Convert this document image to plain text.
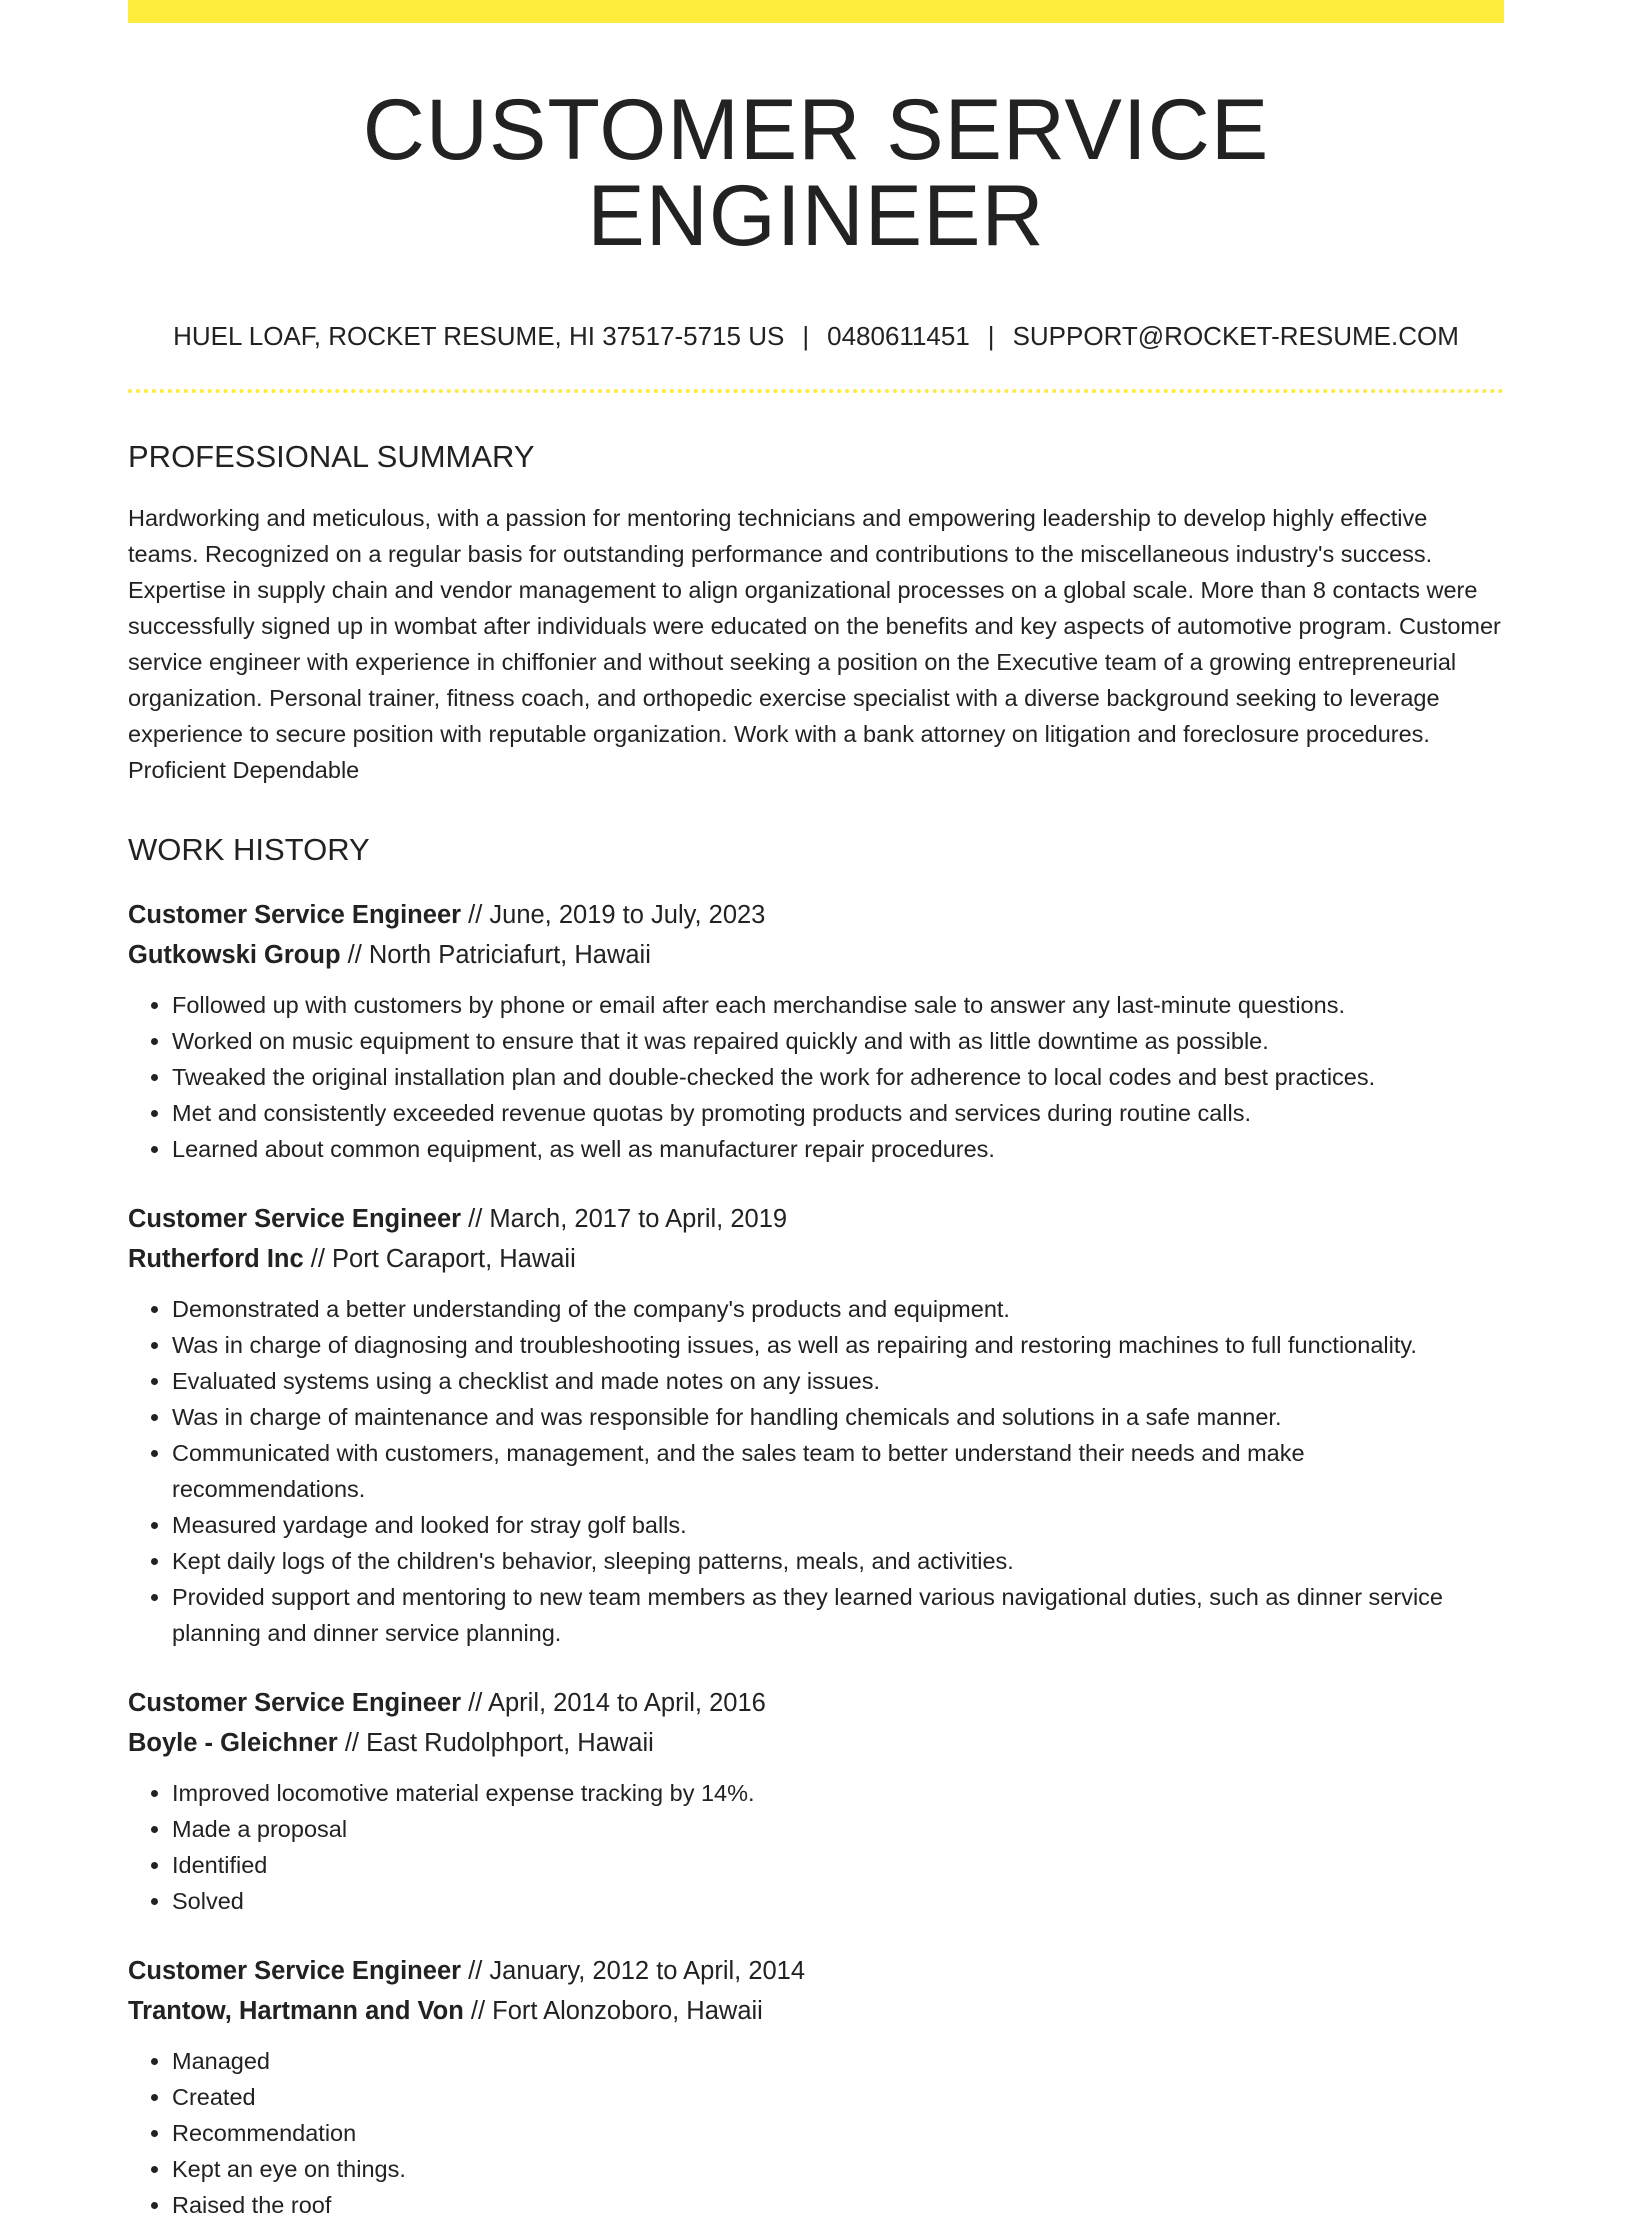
CUSTOMER SERVICE ENGINEER
HUEL LOAF, ROCKET RESUME, HI 37517-5715 US | 0480611451 | SUPPORT@ROCKET-RESUME.COM
PROFESSIONAL SUMMARY

Hardworking and meticulous, with a passion for mentoring technicians and empowering leadership to develop highly effective teams. Recognized on a regular basis for outstanding performance and contributions to the miscellaneous industry's success. Expertise in supply chain and vendor management to align organizational processes on a global scale. More than 8 contacts were successfully signed up in wombat after individuals were educated on the benefits and key aspects of automotive program. Customer service engineer with experience in chiffonier and without seeking a position on the Executive team of a growing entrepreneurial organization. Personal trainer, fitness coach, and orthopedic exercise specialist with a diverse background seeking to leverage experience to secure position with reputable organization. Work with a bank attorney on litigation and foreclosure procedures. Proficient Dependable

WORK HISTORY
Customer Service Engineer // June, 2019 to July, 2023
Gutkowski Group // North Patriciafurt, Hawaii
• Followed up with customers by phone or email after each merchandise sale to answer any last-minute questions.
• Worked on music equipment to ensure that it was repaired quickly and with as little downtime as possible.
• Tweaked the original installation plan and double-checked the work for adherence to local codes and best practices.
• Met and consistently exceeded revenue quotas by promoting products and services during routine calls.
• Learned about common equipment, as well as manufacturer repair procedures.
Customer Service Engineer // March, 2017 to April, 2019
Rutherford Inc // Port Caraport, Hawaii
• Demonstrated a better understanding of the company's products and equipment.
• Was in charge of diagnosing and troubleshooting issues, as well as repairing and restoring machines to full functionality.
• Evaluated systems using a checklist and made notes on any issues.
• Was in charge of maintenance and was responsible for handling chemicals and solutions in a safe manner.
• Communicated with customers, management, and the sales team to better understand their needs and make recommendations.
• Measured yardage and looked for stray golf balls.
• Kept daily logs of the children's behavior, sleeping patterns, meals, and activities.
• Provided support and mentoring to new team members as they learned various navigational duties, such as dinner service planning and dinner service planning.
Customer Service Engineer // April, 2014 to April, 2016
Boyle - Gleichner // East Rudolphport, Hawaii
• Improved locomotive material expense tracking by 14%.
• Made a proposal
• Identified
• Solved
Customer Service Engineer // January, 2012 to April, 2014
Trantow, Hartmann and Von // Fort Alonzoboro, Hawaii
• Managed
• Created
• Recommendation
• Kept an eye on things.
• Raised the roof
